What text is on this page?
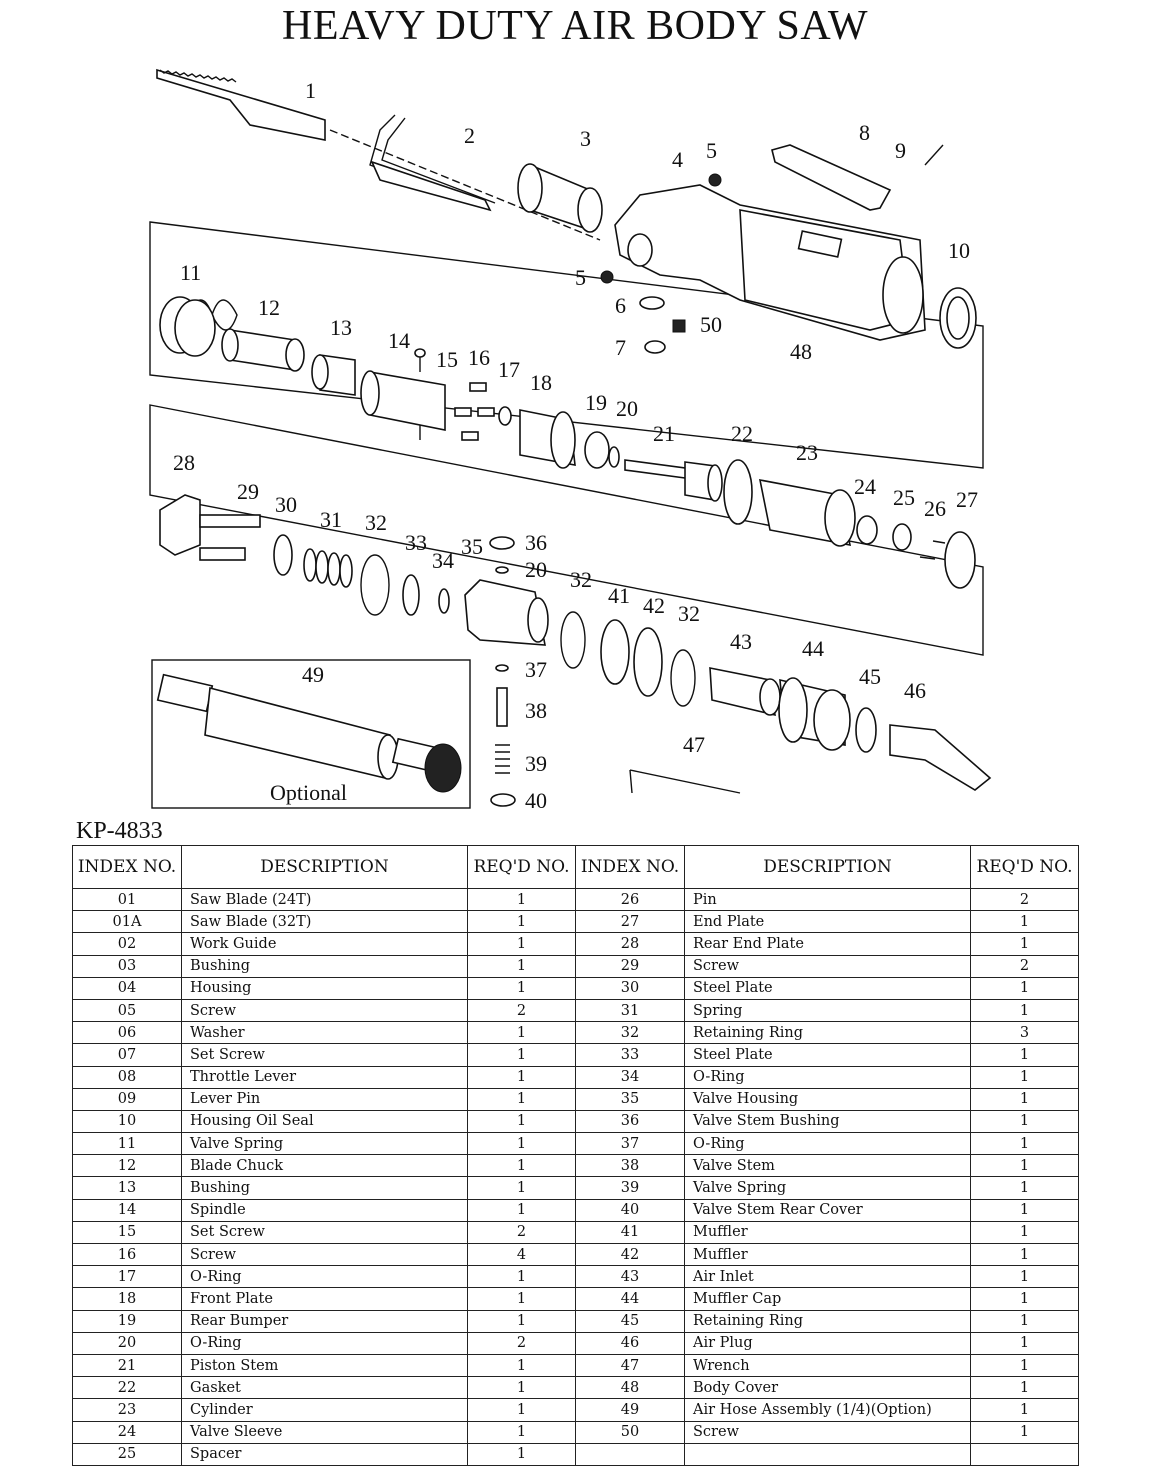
HEAVY DUTY AIR BODY SAW
1
2	3
4 5
5
6
7
8
9
10
11
12
13
14
15 16 17
18
19 20
21	22
23
24 25 26 27
28
29
30
31 32
33
34
35 36
20
37
38
39
40
32
41 42 32
43 44
45
46
47
48
49
50
Optional
KP-4833
INDEX NO.	DESCRIPTION	REQ'D NO.	INDEX NO.	DESCRIPTION	REQ'D NO.
01	Saw Blade (24T)	1	26	Pin	2
01A	Saw Blade (32T)	1	27	End Plate	1
02	Work Guide	1	28	Rear End Plate	1
03	Bushing	1	29	Screw	2
04	Housing	1	30	Steel Plate	1
05	Screw	2	31	Spring	1
06	Washer	1	32	Retaining Ring	3
07	Set Screw	1	33	Steel Plate	1
08	Throttle Lever	1	34	O-Ring	1
09	Lever Pin	1	35	Valve Housing	1
10	Housing Oil Seal	1	36	Valve Stem Bushing	1
11	Valve Spring	1	37	O-Ring	1
12	Blade Chuck	1	38	Valve Stem	1
13	Bushing	1	39	Valve Spring	1
14	Spindle	1	40	Valve Stem Rear Cover	1
15	Set Screw	2	41	Muffler	1
16	Screw	4	42	Muffler	1
17	O-Ring	1	43	Air Inlet	1
18	Front Plate	1	44	Muffler Cap	1
19	Rear Bumper	1	45	Retaining Ring	1
20	O-Ring	2	46	Air Plug	1
21	Piston Stem	1	47	Wrench	1
22	Gasket	1	48	Body Cover	1
23	Cylinder	1	49	Air Hose Assembly (1/4)(Option)	1
24	Valve Sleeve	1	50	Screw	1
25	Spacer	1			
